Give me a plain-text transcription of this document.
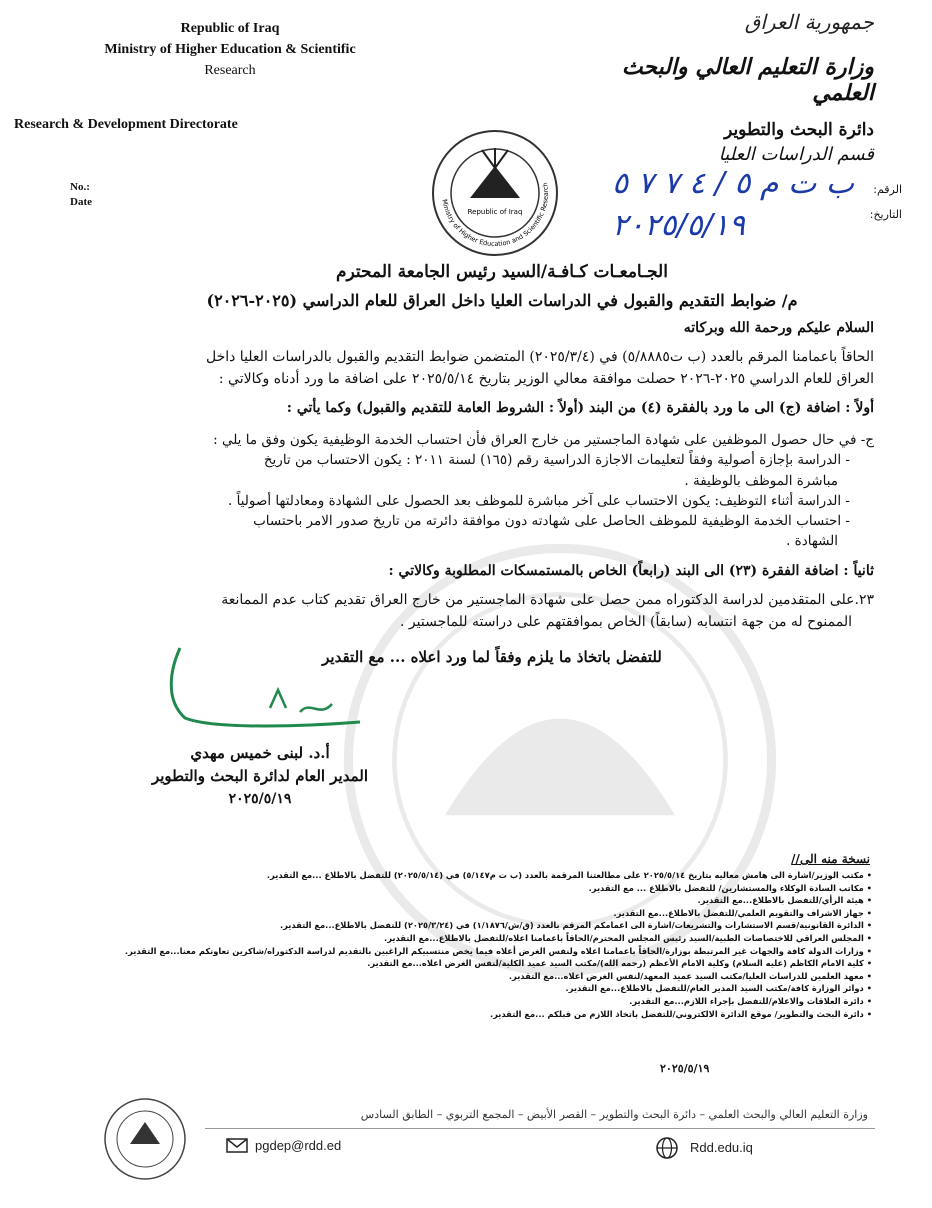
Republic of Iraq
Ministry of Higher Education & Scientific
Research
Research & Development Directorate
No.:
Date
جمهورية العراق
وزارة التعليم العالي والبحث العلمي
دائرة البحث والتطوير
قسم الدراسات العليا
الرقم:
التاريخ:
ب ت م ٥ / ٤ ٧ ٧ ٥
٢٠٢٥/٥/١٩
Republic of Iraq
Ministry of Higher Education and Scientific Research
الجـامعـات كـافـة/السيد رئيس الجامعة المحترم
م/ ضوابط التقديم والقبول في الدراسات العليا داخل العراق للعام الدراسي (٢٠٢٥-٢٠٢٦)
السلام عليكم ورحمة الله وبركاته
الحاقاً باعمامنا المرقم بالعدد (ب ت٥/٨٨٨٥) في (٢٠٢٥/٣/٤) المتضمن ضوابط التقديم والقبول بالدراسات العليا داخل
العراق للعام الدراسي ٢٠٢٥-٢٠٢٦ حصلت موافقة معالي الوزير بتاريخ ٢٠٢٥/٥/١٤ على اضافة ما ورد أدناه وكالاتي :
أولاً : اضافة (ج) الى ما ورد بالفقرة (٤) من البند (أولاً : الشروط العامة للتقديم والقبول) وكما يأتي :
ج- في حال حصول الموظفين على شهادة الماجستير من خارج العراق فأن احتساب الخدمة الوظيفية يكون وفق ما يلي :
- الدراسة بإجازة أصولية وفقاً لتعليمات الاجازة الدراسية رقم (١٦٥) لسنة ٢٠١١ : يكون الاحتساب من تاريخ
مباشرة الموظف بالوظيفة .
- الدراسة أثناء التوظيف: يكون الاحتساب على آخر مباشرة للموظف بعد الحصول على الشهادة ومعادلتها أصولياً .
- احتساب الخدمة الوظيفية للموظف الحاصل على شهادته دون موافقة دائرته من تاريخ صدور الامر باحتساب
الشهادة .
ثانياً : اضافة الفقرة (٢٣) الى البند (رابعاً) الخاص بالمستمسكات المطلوبة وكالاتي :
٢٣.على المتقدمين لدراسة الدكتوراه ممن حصل على شهادة الماجستير من خارج العراق تقديم كتاب عدم الممانعة
الممنوح له من جهة انتسابه (سابقاً) الخاص بموافقتهم على دراسته للماجستير .
للتفضل باتخاذ ما يلزم وفقاً لما ورد اعلاه ... مع التقدير
أ.د. لبنى خميس مهدي
المدير العام لدائرة البحث والتطوير
٢٠٢٥/٥/١٩
نسخة منه الى//

• مكتب الوزير/اشارة الى هامش معاليه بتاريخ ٢٠٢٥/٥/١٤ على مطالعتنا المرقمة بالعدد (ب ت م٥/١٤٧) في (٢٠٢٥/٥/١٤) للتفضل بالاطلاع ...مع التقدير.

• مكاتب السادة الوكلاء والمستشارين/ للتفضل بالاطلاع ... مع التقدير.

• هيئة الرأي/للتفضل بالاطلاع...مع التقدير.

• جهاز الاشراف والتقويم العلمي/للتفضل بالاطلاع...مع التقدير.

• الدائرة القانونية/قسم الاستشارات والتشريعات/اشارة الى اعمامكم المرقم بالعدد (ق/ش/١/١٨٧٦) في (٢٠٢٥/٣/٢٤) للتفضل بالاطلاع...مع التقدير.

• المجلس العراقي للاختصاصات الطبية/السيد رئيس المجلس المحترم/الحاقاً باعمامنا اعلاه/للتفضل بالاطلاع...مع التقدير.

• وزارات الدولة كافة والجهات غير المرتبطة بوزارة/الحاقاً باعمامنا اعلاه ولنفس الغرض أعلاه فيما يخص منتسبيكم الراغبين بالتقديم لدراسة الدكتوراه/شاكرين تعاونكم معنا...مع التقدير.

• كلية الامام الكاظم (عليه السلام) وكلية الامام الأعظم (رحمه الله)/مكتب السيد عميد الكلية/لنفس الغرض اعلاه...مع التقدير.

• معهد العلمين للدراسات العليا/مكتب السيد عميد المعهد/لنفس الغرض اعلاه...مع التقدير.

• دوائر الوزارة كافة/مكتب السيد المدير العام/للتفضل بالاطلاع...مع التقدير.

• دائرة العلاقات والاعلام/للتفضل بإجراء اللازم...مع التقدير.

• دائرة البحث والتطوير/ موقع الدائرة الالكتروني/للتفضل باتخاذ اللازم من قبلكم ...مع التقدير.

٢٠٢٥/٥/١٩
وزارة التعليم العالي والبحث العلمي – دائرة البحث والتطوير – القصر الأبيض – المجمع التربوي – الطابق السادس
pgdep@rdd.ed	Rdd.edu.iq
